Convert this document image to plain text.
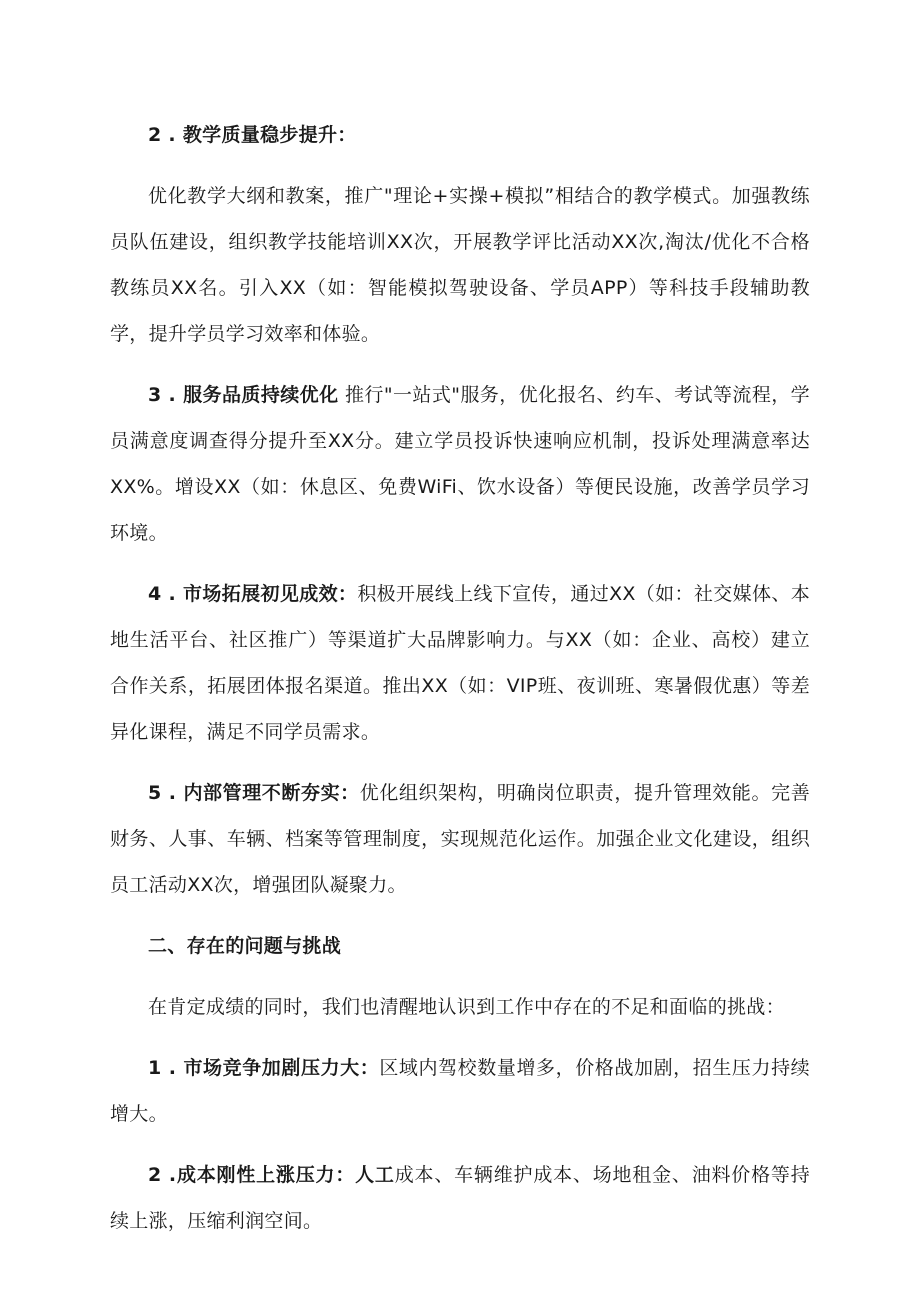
2 . 教学质量稳步提升：

优化教学大纲和教案，推广"理论+实操+模拟”相结合的教学模式。加强教练员队伍建设，组织教学技能培训XX次，开展教学评比活动XX次,淘汰/优化不合格教练员XX名。引入XX（如：智能模拟驾驶设备、学员APP）等科技手段辅助教学，提升学员学习效率和体验。

3 . 服务品质持续优化 推行"一站式"服务，优化报名、约车、考试等流程，学员满意度调查得分提升至XX分。建立学员投诉快速响应机制，投诉处理满意率达XX%。增设XX（如：休息区、免费WiFi、饮水设备）等便民设施，改善学员学习环境。

4 . 市场拓展初见成效：积极开展线上线下宣传，通过XX（如：社交媒体、本地生活平台、社区推广）等渠道扩大品牌影响力。与XX（如：企业、高校）建立合作关系，拓展团体报名渠道。推出XX（如：VIP班、夜训班、寒暑假优惠）等差异化课程，满足不同学员需求。

5 . 内部管理不断夯实：优化组织架构，明确岗位职责，提升管理效能。完善财务、人事、车辆、档案等管理制度，实现规范化运作。加强企业文化建设，组织员工活动XX次，增强团队凝聚力。

二、存在的问题与挑战

在肯定成绩的同时，我们也清醒地认识到工作中存在的不足和面临的挑战：

1 . 市场竞争加剧压力大：区域内驾校数量增多，价格战加剧，招生压力持续增大。

2 .成本刚性上涨压力：人工成本、车辆维护成本、场地租金、油料价格等持续上涨，压缩利润空间。
